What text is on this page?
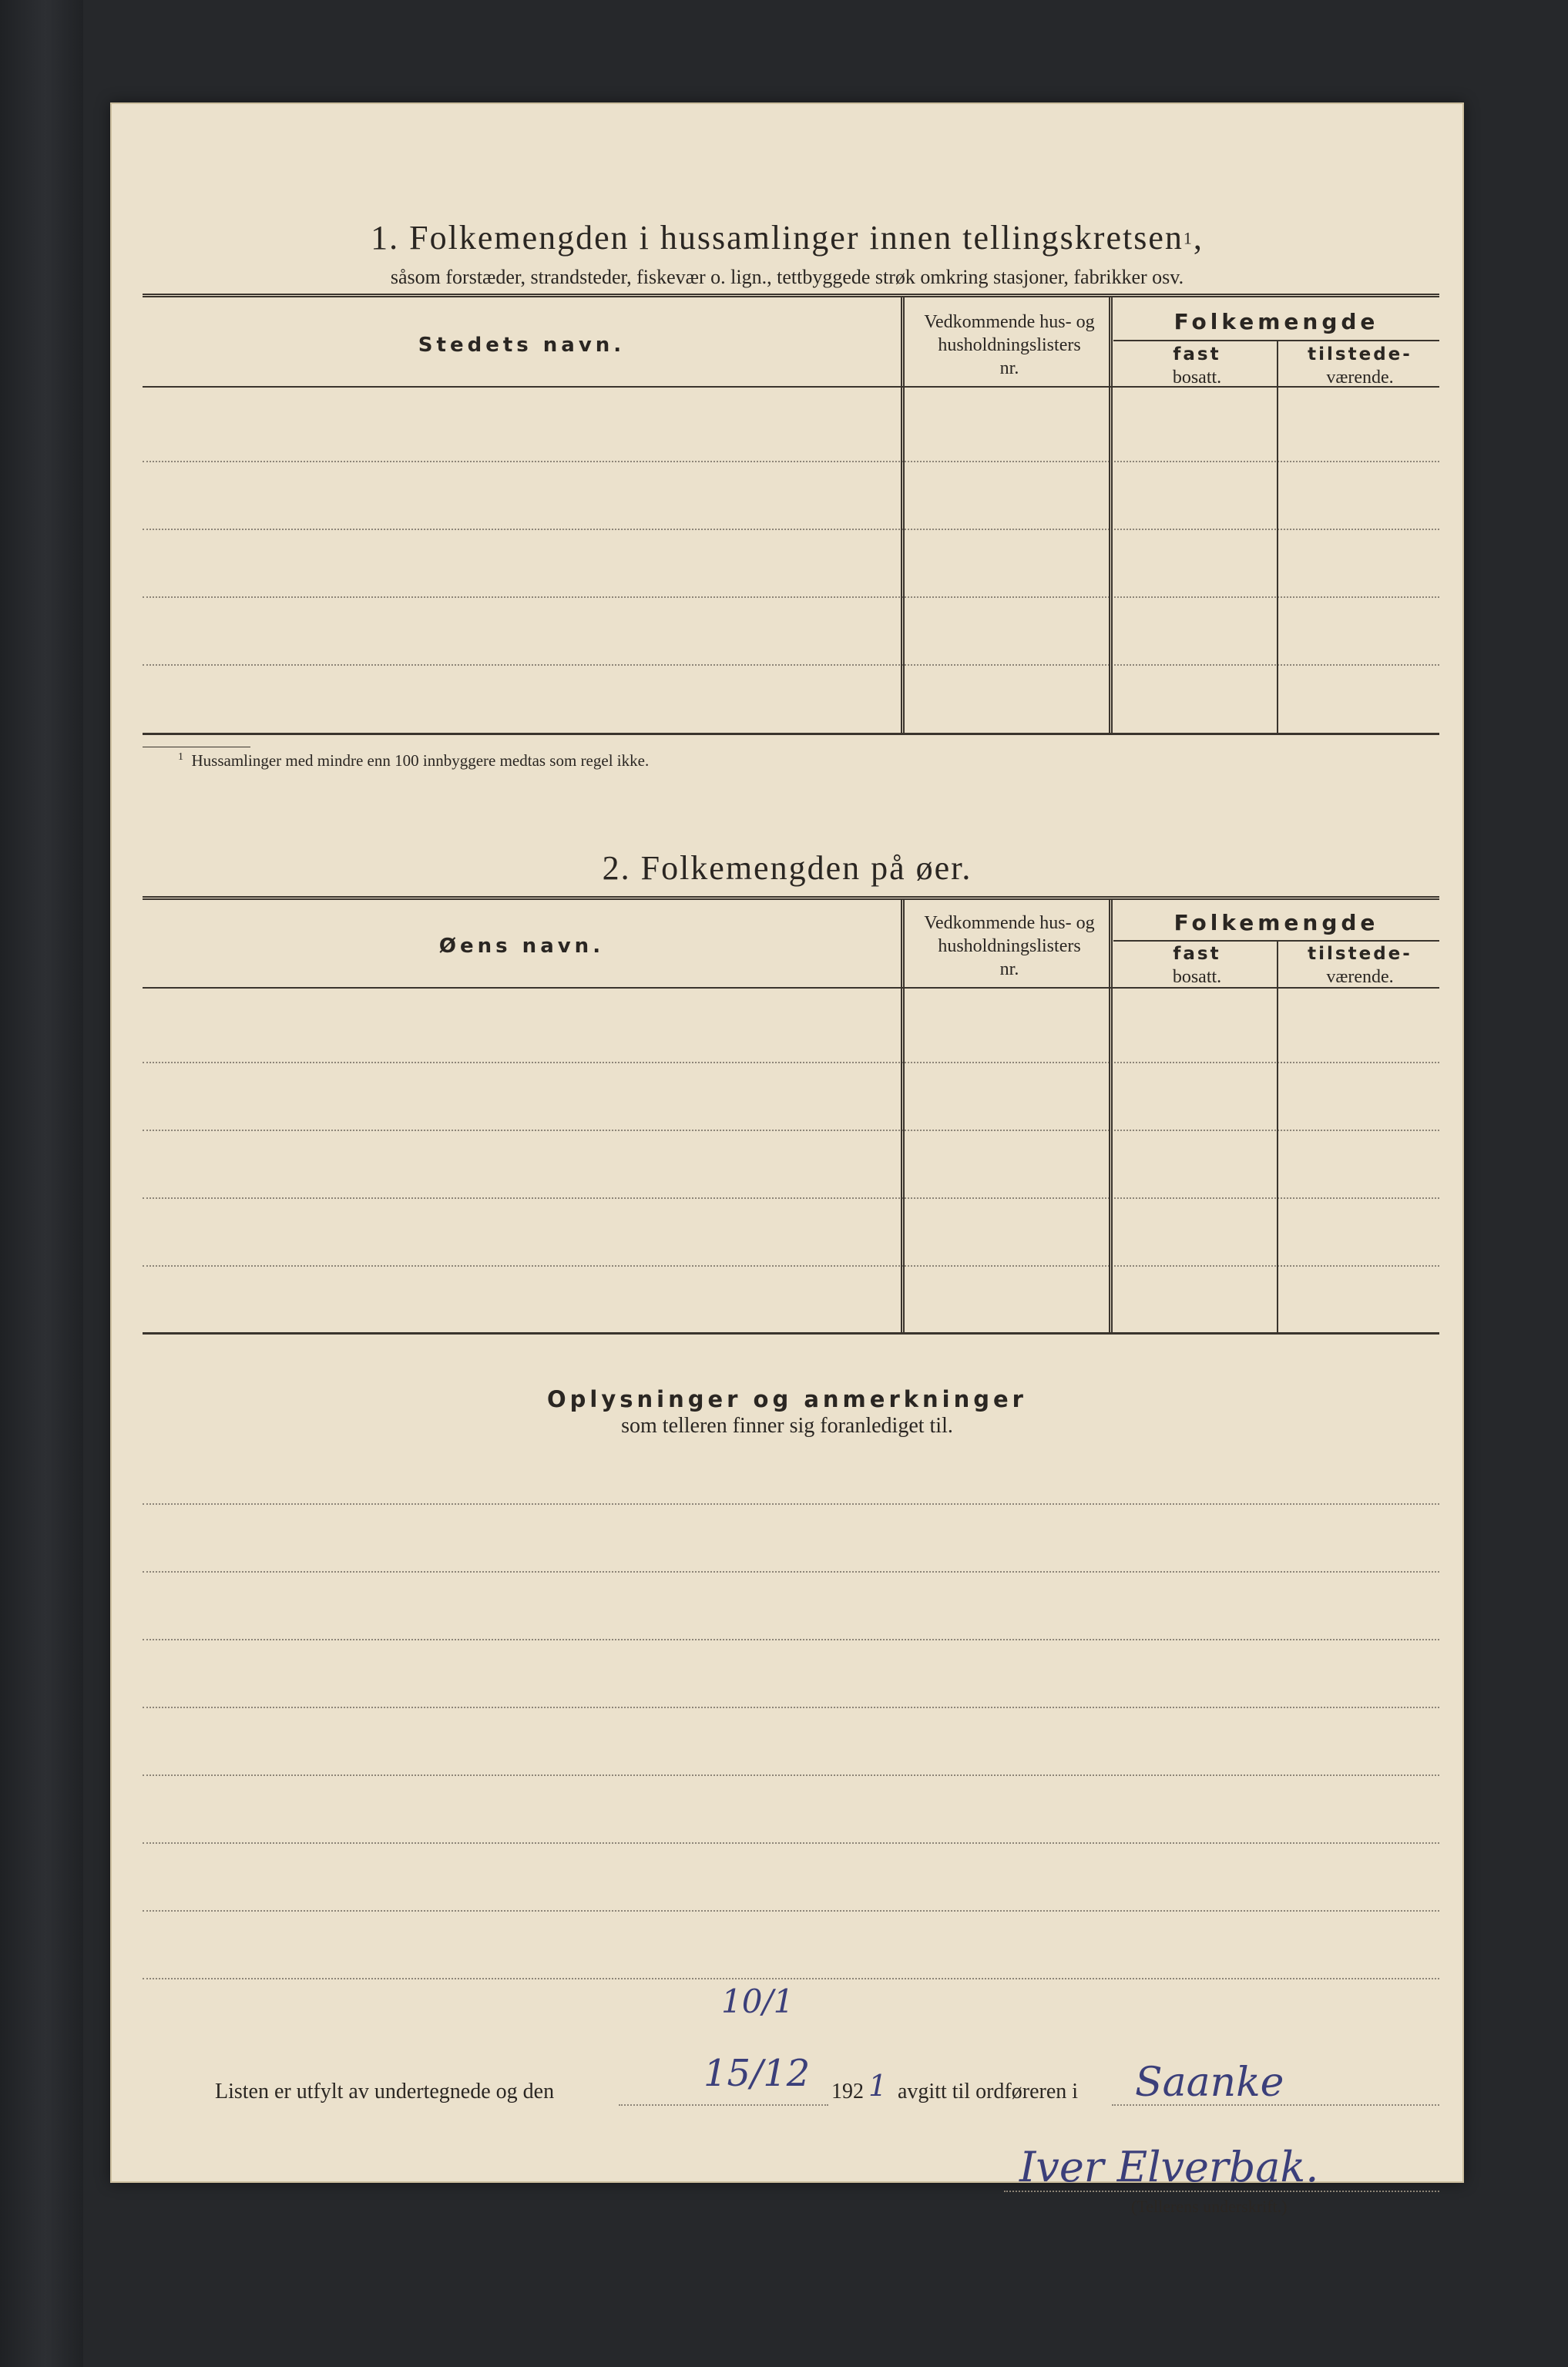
1. Folkemengden i hussamlinger innen tellingskretsen$^1$,
såsom forstæder, strandsteder, fiskevær o. lign., tettbyggede strøk omkring stasjoner, fabrikker osv.
Stedets navn.
Vedkommende hus- og
husholdningslisters
nr.
Folkemengde
fast
bosatt.
tilstede-
værende.
$^1$ Hussamlinger med mindre enn 100 innbyggere medtas som regel ikke.
2. Folkemengden på øer.
Øens navn.
Vedkommende hus- og
husholdningslisters
nr.
Folkemengde
fast
bosatt.
tilstede-
værende.
Oplysninger og anmerkninger
som telleren finner sig foranlediget til.
10/1
Listen er utfylt av undertegnede og den	15/12 192 1 avgitt til ordføreren i Saanke
Iver Elverbak.
(Tellerens underskrift.)
